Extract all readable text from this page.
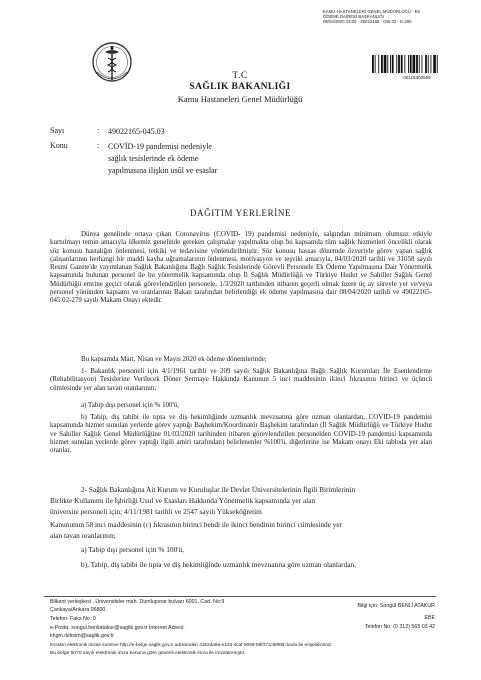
KAMU HASTANELERİ GENEL MÜDÜRLÜĞÜ - EK
ÖDEME DAİRESİ BAŞKANLIĞI
08/04/2020 23:00 - 49022165 - 045.03 - E.280
00116302659
T.C
SAĞLIK BAKANLIĞI
Kamu Hastaneleri Genel Müdürlüğü
Sayı	: 49022165-045.03
Konu	: COVİD-19 pandemisi nedeniyle
sağlık tesislerinde ek ödeme
yapılmasına ilişkin usûl ve esaslar
DAĞITIM YERLERİNE
Dünya genelinde ortaya çıkan Coronavirus (COVID- 19) pandemisi nedeniyle, salgından minimum olumsuz etkiyle kurtulmayı temin amacıyla ülkemiz genelinde gereken çalışmalar yapılmakta olup bu kapsamda tüm sağlık hizmetleri öncelikli olarak söz konusu hastalığın önlenmesi, tetkiki ve tedavisine yönlendirilmiştir. Söz konusu hassas dönemde özveriyle görev yapan sağlık çalışanlarının herhangi bir maddi kayba uğramalarının önlenmesi, motivasyon ve teşviki amacıyla, 04/03/2020 tarihli ve 31058 sayılı Resmi Gazete'de yayımlanan Sağlık Bakanlığına Bağlı Sağlık Tesislerinde Görevli Personele Ek Ödeme Yapılmasına Dair Yönetmelik kapsamında bulunan personel ile bu yönetmelik kapsamında olup İl Sağlık Müdürlüğü ve Türkiye Hudut ve Sahiller Sağlık Genel Müdürlüğü emrine geçici olarak görevlendirilen personele, 1/3/2020 tarihinden itibaren geçerli olmak üzere üç ay süreyle yer ve/veya personel yönünden kapsamı ve oranlarının Bakan tarafından belirlendiği ek ödeme yapılmasına dair 08/04/2020 tarihli ve 49022165-045.02-279 sayılı Makam Onayı ektedir.
Bu kapsamda Mart, Nisan ve Mayıs 2020 ek ödeme dönemlerinde;
1- Bakanlık personeli için 4/1/1961 tarihli ve 209 sayılı Sağlık Bakanlığına Bağlı Sağlık Kurumları İle Esenlendirme (Rehabilitasyon) Tesislerine Verilecek Döner Sermaye Hakkında Kanunun 5 inci maddesinin ikinci fıkrasının birinci ve üçüncü cümlesinde yer alan tavan oranlarının;
a) Tabip dışı personel için % 100'ü,
b) Tabip, diş tabibi ile tıpta ve diş hekimliğinde uzmanlık mevzuatına göre uzman olanlardan, COVID-19 pandemisi kapsamında hizmet sunulan yerlerde görev yaptığı Başhekim/Koordinatör Başhekim tarafından (İl Sağlık Müdürlüğü ve Türkiye Hudut ve Sahiller Sağlık Genel Müdürlüğüne 01/03/2020 tarihinden itibaren görevlendirilen personelden COVID-19 pandemisi kapsamında hizmet sunulan yerlerde görev yaptığı ilgili amiri tarafından) belirlenenler %100'ü, diğerlerine ise Makam onayı Eki tabloda yer alan oranlar,
2- Sağlık Bakanlığına Ait Kurum ve Kuruluşlar ile Devlet Üniversitelerinin İlgili Birimlerinin
Birlikte Kullanımı ile İşbirliği Usul ve Esasları Hakkında Yönetmelik kapsamında yer alan
üniversite personeli için; 4/11/1981 tarihli ve 2547 sayılı Yükseköğretim
Kanununun 58 inci maddesinin (c) fıkrasının birinci bendi ile ikinci bendinin birinci cümlesinde yer
alan tavan oranlarının;
a) Tabip dışı personel için % 100'ü,
b), Tabip, diş tabibi ile tıpta ve diş hekimliğinde uzmanlık mevzuatına göre uzman olanlardan,
Bilkent yerleşkesi , Üniversiteler mah. Dumlupınar bulvarı 6001. Cad. No:9
Çankaya/Ankara 06800
Telefon: Faks No: 0
e-Posta: songul.benliatakur@saglik.gov.tr İnternet Adresi:
khgm.iletisim@saglik.gov.tr
Bilgi için: Songül BENLİ ATAKUR
EBE
Telefon No: (0 312) 565 03 42
Evrakın elektronik imzalı suretine http://e-belge.saglik.gov.tr adresinden 4162da9a-e12d-4caf-9099-59f371c8896b kodu ile erişebilirsiniz.
Bu belge 5070 sayılı elektronik imza kanuna göre güvenli elektronik imza ile imzalanmıştır.
